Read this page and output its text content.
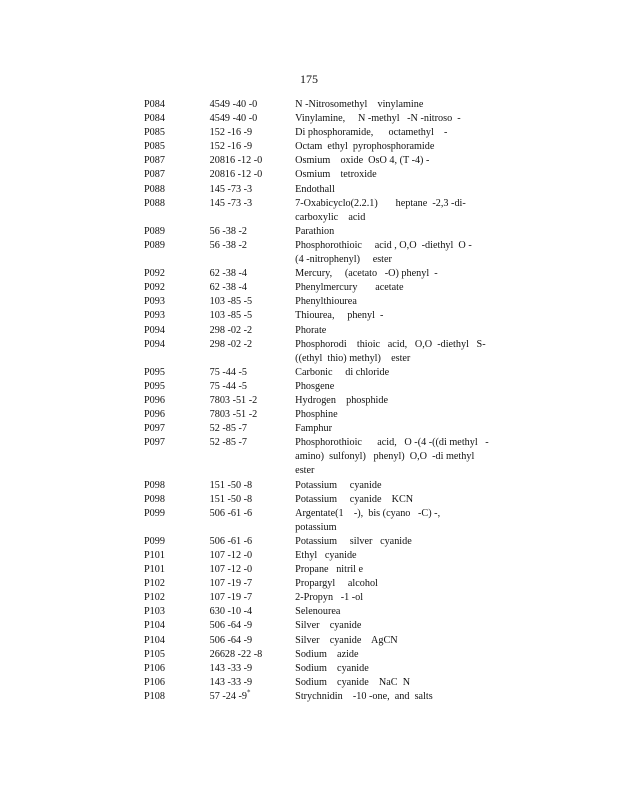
175
P084	4549 -40 -0	N -Nitrosomethyl    vinylamine
P084	4549 -40 -0	Vinylamine,     N -methyl   -N -nitroso  -
P085	152 -16 -9	Di phosphoramide,      octamethyl    -
P085	152 -16 -9	Octam  ethyl  pyrophosphoramide
P087	20816 -12 -0	Osmium    oxide  OsO 4, (T -4) -
P087	20816 -12 -0	Osmium    tetroxide
P088	145 -73 -3	Endothall
P088	145 -73 -3	7-Oxabicyclo(2.2.1)       heptane  -2,3 -di-
carboxylic    acid
P089	56 -38 -2	Parathion
P089	56 -38 -2	Phosphorothioic     acid , O,O  -diethyl  O -
(4 -nitrophenyl)     ester
P092	62 -38 -4	Mercury,     (acetato   -O) phenyl  -
P092	62 -38 -4	Phenylmercury       acetate
P093	103 -85 -5	Phenylthiourea
P093	103 -85 -5	Thiourea,     phenyl  -
P094	298 -02 -2	Phorate
P094	298 -02 -2	Phosphorodi    thioic   acid,   O,O  -diethyl   S-
((ethyl  thio) methyl)    ester
P095	75 -44 -5	Carbonic     di chloride
P095	75 -44 -5	Phosgene
P096	7803 -51 -2	Hydrogen    phosphide
P096	7803 -51 -2	Phosphine
P097	52 -85 -7	Famphur
P097	52 -85 -7	Phosphorothioic      acid,   O -(4 -((di methyl   -
amino)  sulfonyl)   phenyl)  O,O  -di methyl
ester
P098	151 -50 -8	Potassium     cyanide
P098	151 -50 -8	Potassium     cyanide    KCN
P099	506 -61 -6	Argentate(1    -),  bis (cyano   -C) -,
potassium
P099	506 -61 -6	Potassium     silver   cyanide
P101	107 -12 -0	Ethyl   cyanide
P101	107 -12 -0	Propane   nitril e
P102	107 -19 -7	Propargyl     alcohol
P102	107 -19 -7	2-Propyn   -1 -ol
P103	630 -10 -4	Selenourea
P104	506 -64 -9	Silver    cyanide
P104	506 -64 -9	Silver    cyanide    AgCN
P105	26628 -22 -8	Sodium    azide
P106	143 -33 -9	Sodium    cyanide
P106	143 -33 -9	Sodium    cyanide    NaC  N
P108	57 -24 -9*	Strychnidin    -10 -one,  and  salts
